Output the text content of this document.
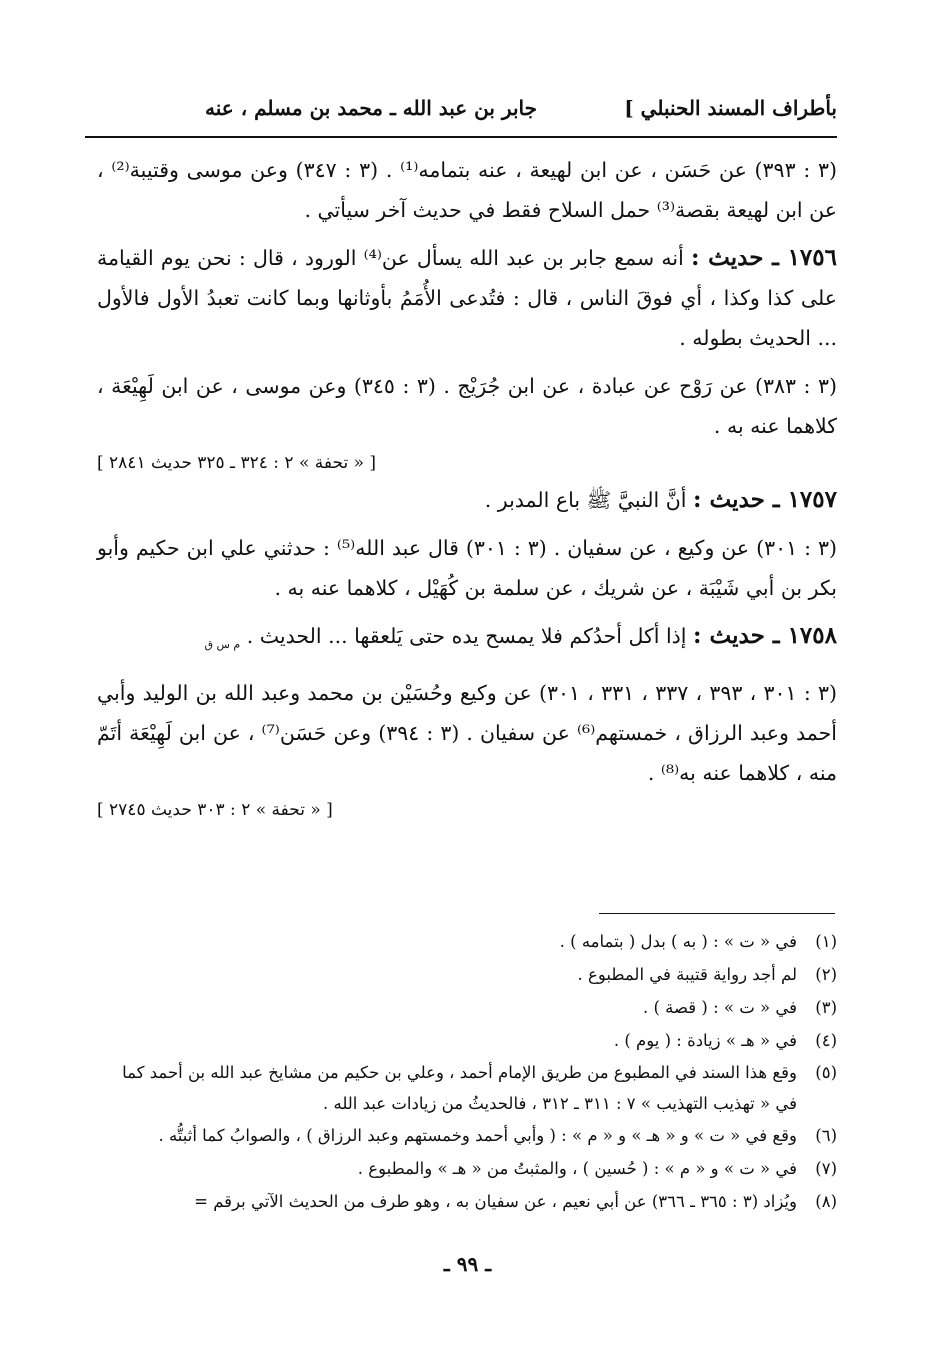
بأطراف المسند الحنبلي ]
جابر بن عبد الله ـ محمد بن مسلم ، عنه

(٣ : ٣٩٣) عن حَسَن ، عن ابن لهيعة ، عنه بتمامه⁽¹⁾ . (٣ : ٣٤٧) وعن موسى وقتيبة⁽²⁾ ، عن ابن لهيعة بقصة⁽³⁾ حمل السلاح فقط في حديث آخر سيأتي .

١٧٥٦ ـ حديث : أنه سمع جابر بن عبد الله يسأل عن⁽⁴⁾ الورود ، قال : نحن يوم القيامة على كذا وكذا ، أي فوقَ الناس ، قال : فتُدعى الأُمَمُ بأوثانها وبما كانت تعبدُ الأول فالأول ... الحديث بطوله .

(٣ : ٣٨٣) عن رَوْح عن عبادة ، عن ابن جُرَيْج . (٣ : ٣٤٥) وعن موسى ، عن ابن لَهِيْعَة ، كلاهما عنه به .

[ « تحفة » ٢ : ٣٢٤ ـ ٣٢٥ حديث ٢٨٤١ ]

١٧٥٧ ـ حديث : أنَّ النبيَّ ﷺ باع المدبر .

(٣ : ٣٠١) عن وكيع ، عن سفيان . (٣ : ٣٠١) قال عبد الله⁽⁵⁾ : حدثني علي ابن حكيم وأبو بكر بن أبي شَيْبَة ، عن شريك ، عن سلمة بن كُهَيْل ، كلاهما عنه به .

١٧٥٨ ـ حديث : إذا أكل أحدُكم فلا يمسح يده حتى يَلعقها ... الحديث . $_{م س ق}$

(٣ : ٣٠١ ، ٣٩٣ ، ٣٣٧ ، ٣٣١ ، ٣٠١) عن وكيع وحُسَيْن بن محمد وعبد الله بن الوليد وأبي أحمد وعبد الرزاق ، خمستهم⁽⁶⁾ عن سفيان . (٣ : ٣٩٤) وعن حَسَن⁽⁷⁾ ، عن ابن لَهِيْعَة أتَمّ منه ، كلاهما عنه به⁽⁸⁾ .

[ « تحفة » ٢ : ٣٠٣ حديث ٢٧٤٥ ]

(١)
في « ت » : ( به ) بدل ( بتمامه ) .
(٢)
لم أجد رواية قتيبة في المطبوع .
(٣)
في « ت » : ( قصة ) .
(٤)
في « هـ » زيادة : ( يوم ) .
(٥)
وقع هذا السند في المطبوع من طريق الإمام أحمد ، وعلي بن حكيم من مشايخ عبد الله بن أحمد كما في « تهذيب التهذيب » ٧ : ٣١١ ـ ٣١٢ ، فالحديثُ من زيادات عبد الله .
(٦)
وقع في « ت » و « هـ » و « م » : ( وأبي أحمد وخمستهم وعبد الرزاق ) ، والصوابُ كما أثبتُّه .
(٧)
في « ت » و « م » : ( حُسين ) ، والمثبتُ من « هـ » والمطبوع .
(٨)
ويُزاد (٣ : ٣٦٥ ـ ٣٦٦) عن أبي نعيم ، عن سفيان به ، وهو طرف من الحديث الآتي برقم =
ـ ٩٩ ـ
